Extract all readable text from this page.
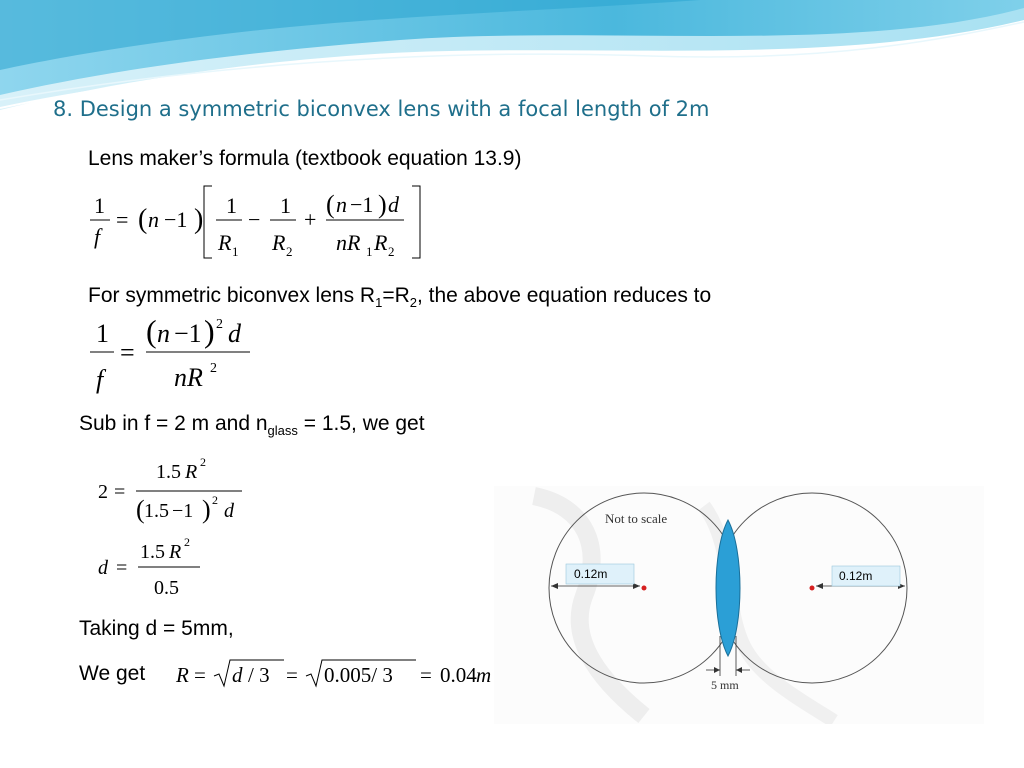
8. Design a symmetric biconvex lens with a focal length of 2m
Lens maker’s formula (textbook equation 13.9)
1
f
= ( n −1 ) 1
R 1
−
1
R 2
+
( n −1 ) d
nR 1 R 2
For symmetric biconvex lens $R_1=R_2$, the above equation reduces to
1
f
=
( n −1 ) 2 d
nR 2
Sub in f = 2 m and $n_{glass} = 1.5$, we get
2 =
1.5 R 2
( 1.5 −1 ) 2 d
d =
1.5 R 2
0.5
Taking d = 5mm,
We get R = d / 3 = 0.005/ 3 = 0.04 m
Not to scale
0.12m	0.12m
5 mm
